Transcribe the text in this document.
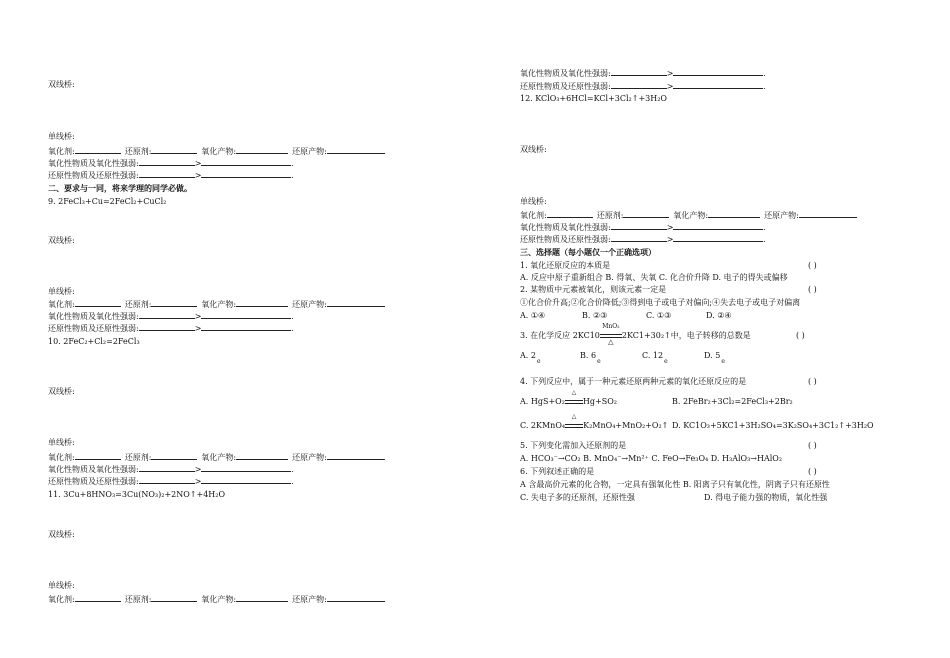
双线桥:
单线桥:
氧化剂:	还原剂:	氧化产物:	还原产物:
氧化性物质及氧化性强弱:	>	.
还原性物质及还原性强弱:	>	.
二、要求与一同，将来学理的同学必做。
9. 2FeCl₃+Cu=2FeCl₂+CuCl₂
双线桥:
单线桥:
氧化剂:	还原剂:	氧化产物:	还原产物:
氧化性物质及氧化性强弱:	>	.
还原性物质及还原性强弱:	>	.
10. 2FeC₂+Cl₂=2FeCl₃
双线桥:
单线桥:
氧化剂:	还原剂:	氧化产物:	还原产物:
氧化性物质及氧化性强弱:	>	.
还原性物质及还原性强弱:	>	.
11. 3Cu+8HNO₃=3Cu(NO₃)₂+2NO↑+4H₂O
双线桥:
单线桥:
氧化剂:	还原剂:	氧化产物:	还原产物:
氧化性物质及氧化性强弱:	>	.
还原性物质及还原性强弱:	>	.
12. KClO₃+6HCl=KCl+3Cl₂↑+3H₂O
双线桥:
单线桥:
氧化剂:	还原剂:	氧化产物:	还原产物:
氧化性物质及氧化性强弱:	>	.
还原性物质及还原性强弱:	>	.
三、选择题（每小题仅一个正确选项）
1. 氧化还原反应的本质是	( )
A. 反应中原子重新组合 B. 得氧、失氧 C. 化合价升降 D. 电子的得失或偏移
2. 某物质中元素被氧化，则该元素一定是	( )
①化合价升高;②化合价降低;③得到电子或电子对偏向;④失去电子或电子对偏离
A. ①④	B. ②③	C. ①③	D. ②④
3. 在化学反应 2KC10
MnO₂
△
2KC1+30₂↑中，电子转移的总数是	( )
A. $2_e$
B. $6_e$
C. $12_e$
D. $5_e$
4. 下列反应中，属于一种元素还原两种元素的氧化还原反应的是	( )
A. HgS+O₂
△
Hg+SO₂	B. 2FeBr₂+3Cl₂=2FeCl₃+2Br₂
C. 2KMnO₄
△
K₂MnO₄+MnO₂+O₂↑ D. KC1O₃+5KC1+3H₂SO₄=3K₂SO₄+3C1₂↑+3H₂O
5. 下列变化需加入还原剂的是	( )
A. HCO₃⁻→CO₂ B. MnO₄⁻→Mn²⁺ C. FeO→Fe₃O₄ D. H₃AlO₃→HAlO₂
6. 下列叙述正确的是	( )
A 含最高价元素的化合物，一定具有强氧化性 B. 阳离子只有氧化性，阴离子只有还原性
C. 失电子多的还原剂，还原性强	D. 得电子能力强的物质，氧化性强
